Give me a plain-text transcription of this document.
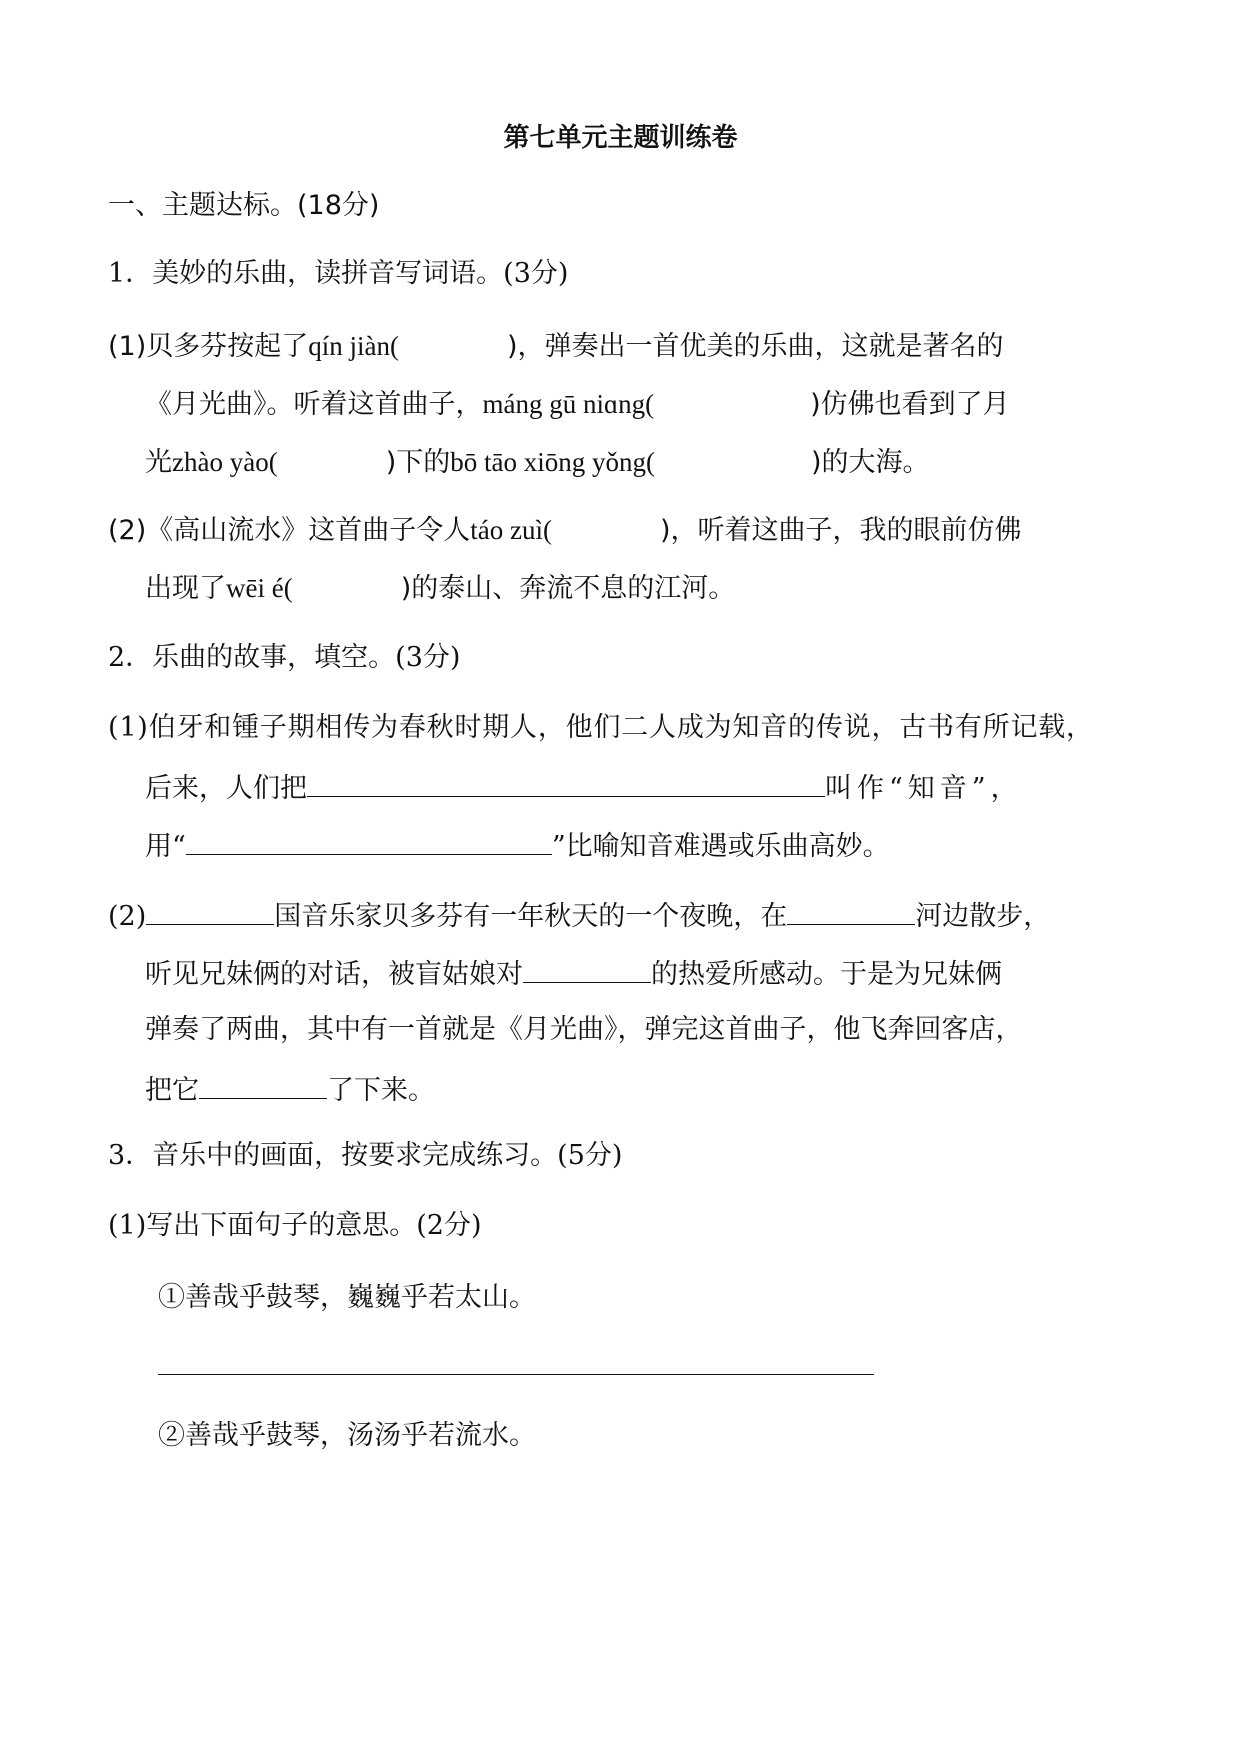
第七单元主题训练卷
一、主题达标。(18分)
1．美妙的乐曲，读拼音写词语。(3分)
(1)贝多芬按起了qín jiàn(	)，弹奏出一首优美的乐曲，这就是著名的
《月光曲》。听着这首曲子，máng gū niɑng(	)仿佛也看到了月
光zhào yào(	)下的bō tāo xiōng yǒng(	)的大海。
(2)《高山流水》这首曲子令人táo zuì(	)，听着这曲子，我的眼前仿佛
出现了wēi é(	)的泰山、奔流不息的江河。
2．乐曲的故事，填空。(3分)
(1)伯牙和锺子期相传为春秋时期人，他们二人成为知音的传说，古书有所记载，
后来，人们把	叫作“知音”，
用“	”比喻知音难遇或乐曲高妙。
(2)	国音乐家贝多芬有一年秋天的一个夜晚，在	河边散步，
听见兄妹俩的对话，被盲姑娘对	的热爱所感动。于是为兄妹俩
弹奏了两曲，其中有一首就是《月光曲》，弹完这首曲子，他飞奔回客店，
把它	了下来。
3．音乐中的画面，按要求完成练习。(5分)
(1)写出下面句子的意思。(2分)
①善哉乎鼓琴，巍巍乎若太山。
②善哉乎鼓琴，汤汤乎若流水。
